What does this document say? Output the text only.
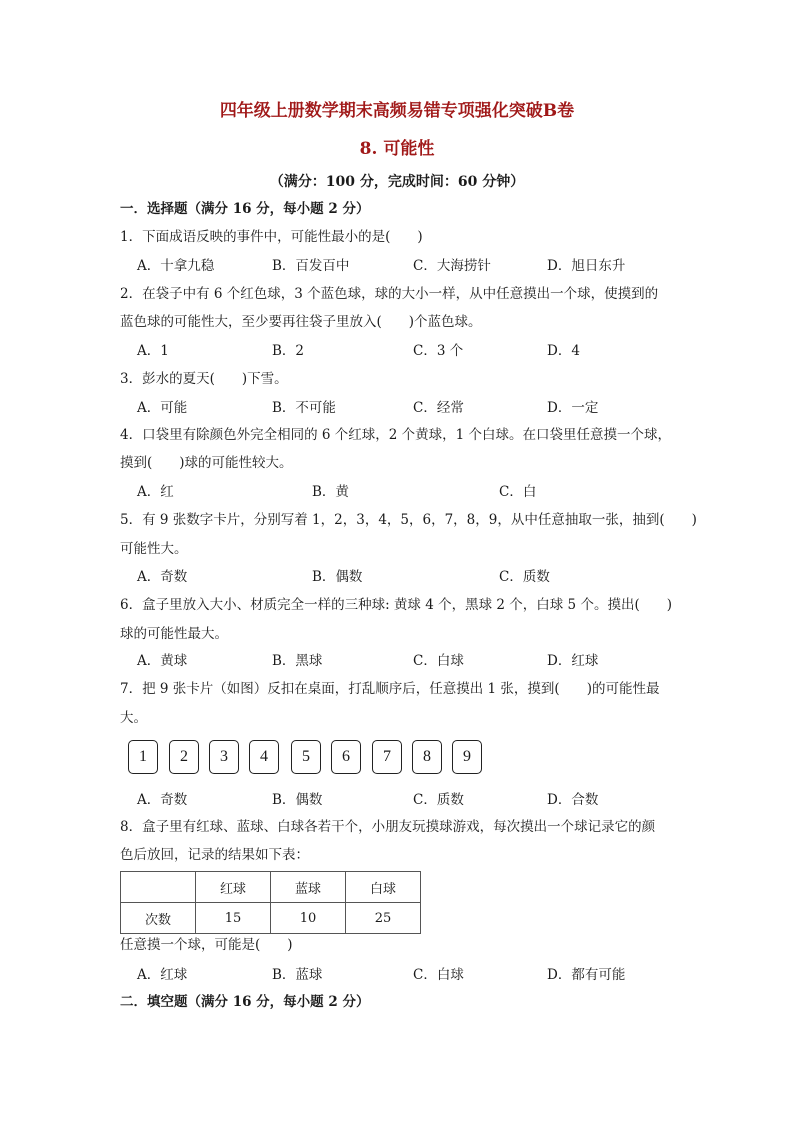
四年级上册数学期末高频易错专项强化突破B卷
8. 可能性
（满分：100 分，完成时间：60 分钟）
一．选择题（满分 16 分，每小题 2 分）
1．下面成语反映的事件中，可能性最小的是(　　)
A．十拿九稳	B．百发百中	C．大海捞针	D．旭日东升
2．在袋子中有 6 个红色球，3 个蓝色球，球的大小一样，从中任意摸出一个球，使摸到的
蓝色球的可能性大，至少要再往袋子里放入(　　)个蓝色球。
A．1	B．2	C．3 个	D．4
3．彭水的夏天(　　)下雪。
A．可能	B．不可能	C．经常	D．一定
4．口袋里有除颜色外完全相同的 6 个红球，2 个黄球，1 个白球。在口袋里任意摸一个球，
摸到(　　)球的可能性较大。
A．红	B．黄	C．白
5．有 9 张数字卡片，分别写着 1，2，3，4，5，6，7，8，9，从中任意抽取一张，抽到(　　)
可能性大。
A．奇数	B．偶数	C．质数
6．盒子里放入大小、材质完全一样的三种球: 黄球 4 个，黑球 2 个，白球 5 个。摸出(　　)
球的可能性最大。
A．黄球	B．黑球	C．白球	D．红球
7．把 9 张卡片（如图）反扣在桌面，打乱顺序后，任意摸出 1 张，摸到(　　)的可能性最
大。
1	2	3	4	5	6	7	8	9
A．奇数	B．偶数	C．质数	D．合数
8．盒子里有红球、蓝球、白球各若干个，小朋友玩摸球游戏，每次摸出一个球记录它的颜
色后放回，记录的结果如下表：
	红球	蓝球	白球
次数	15	10	25
任意摸一个球，可能是(　　)
A．红球	B．蓝球	C．白球	D．都有可能
二．填空题（满分 16 分，每小题 2 分）
